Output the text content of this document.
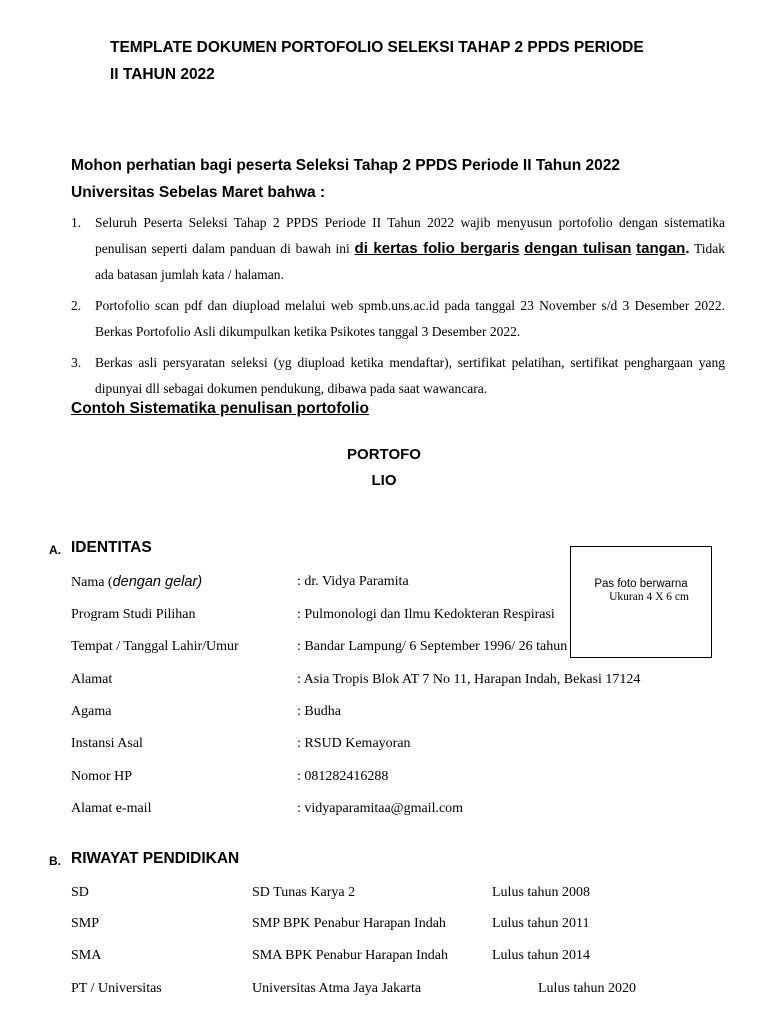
TEMPLATE DOKUMEN PORTOFOLIO SELEKSI TAHAP 2 PPDS PERIODE
II TAHUN 2022
Mohon perhatian bagi peserta Seleksi Tahap 2 PPDS Periode II Tahun 2022
Universitas Sebelas Maret bahwa :
1. Seluruh Peserta Seleksi Tahap 2 PPDS Periode II Tahun 2022 wajib menyusun portofolio dengan sistematika penulisan seperti dalam panduan di bawah ini di kertas folio bergaris dengan tulisan tangan. Tidak ada batasan jumlah kata / halaman.
2. Portofolio scan pdf dan diupload melalui web spmb.uns.ac.id pada tanggal 23 November s/d 3 Desember 2022. Berkas Portofolio Asli dikumpulkan ketika Psikotes tanggal 3 Desember 2022.
3. Berkas asli persyaratan seleksi (yg diupload ketika mendaftar), sertifikat pelatihan, sertifikat penghargaan yang dipunyai dll sebagai dokumen pendukung, dibawa pada saat wawancara.
Contoh Sistematika penulisan portofolio
PORTOFO
LIO
A. IDENTITAS
Nama (dengan gelar)	: dr. Vidya Paramita
Program Studi Pilihan	: Pulmonologi dan Ilmu Kedokteran Respirasi
Tempat / Tanggal Lahir/Umur	: Bandar Lampung/ 6 September 1996/ 26 tahun
Alamat	: Asia Tropis Blok AT 7 No 11, Harapan Indah, Bekasi 17124
Agama	: Budha
Instansi Asal	: RSUD Kemayoran
Nomor HP	: 081282416288
Alamat e-mail	: vidyaparamitaa@gmail.com
Pas foto berwarna
Ukuran 4 X 6 cm
B. RIWAYAT PENDIDIKAN
SD	SD Tunas Karya 2	Lulus tahun 2008
SMP	SMP BPK Penabur Harapan Indah	Lulus tahun 2011
SMA	SMA BPK Penabur Harapan Indah	Lulus tahun 2014
PT / Universitas	Universitas Atma Jaya Jakarta	Lulus tahun 2020
